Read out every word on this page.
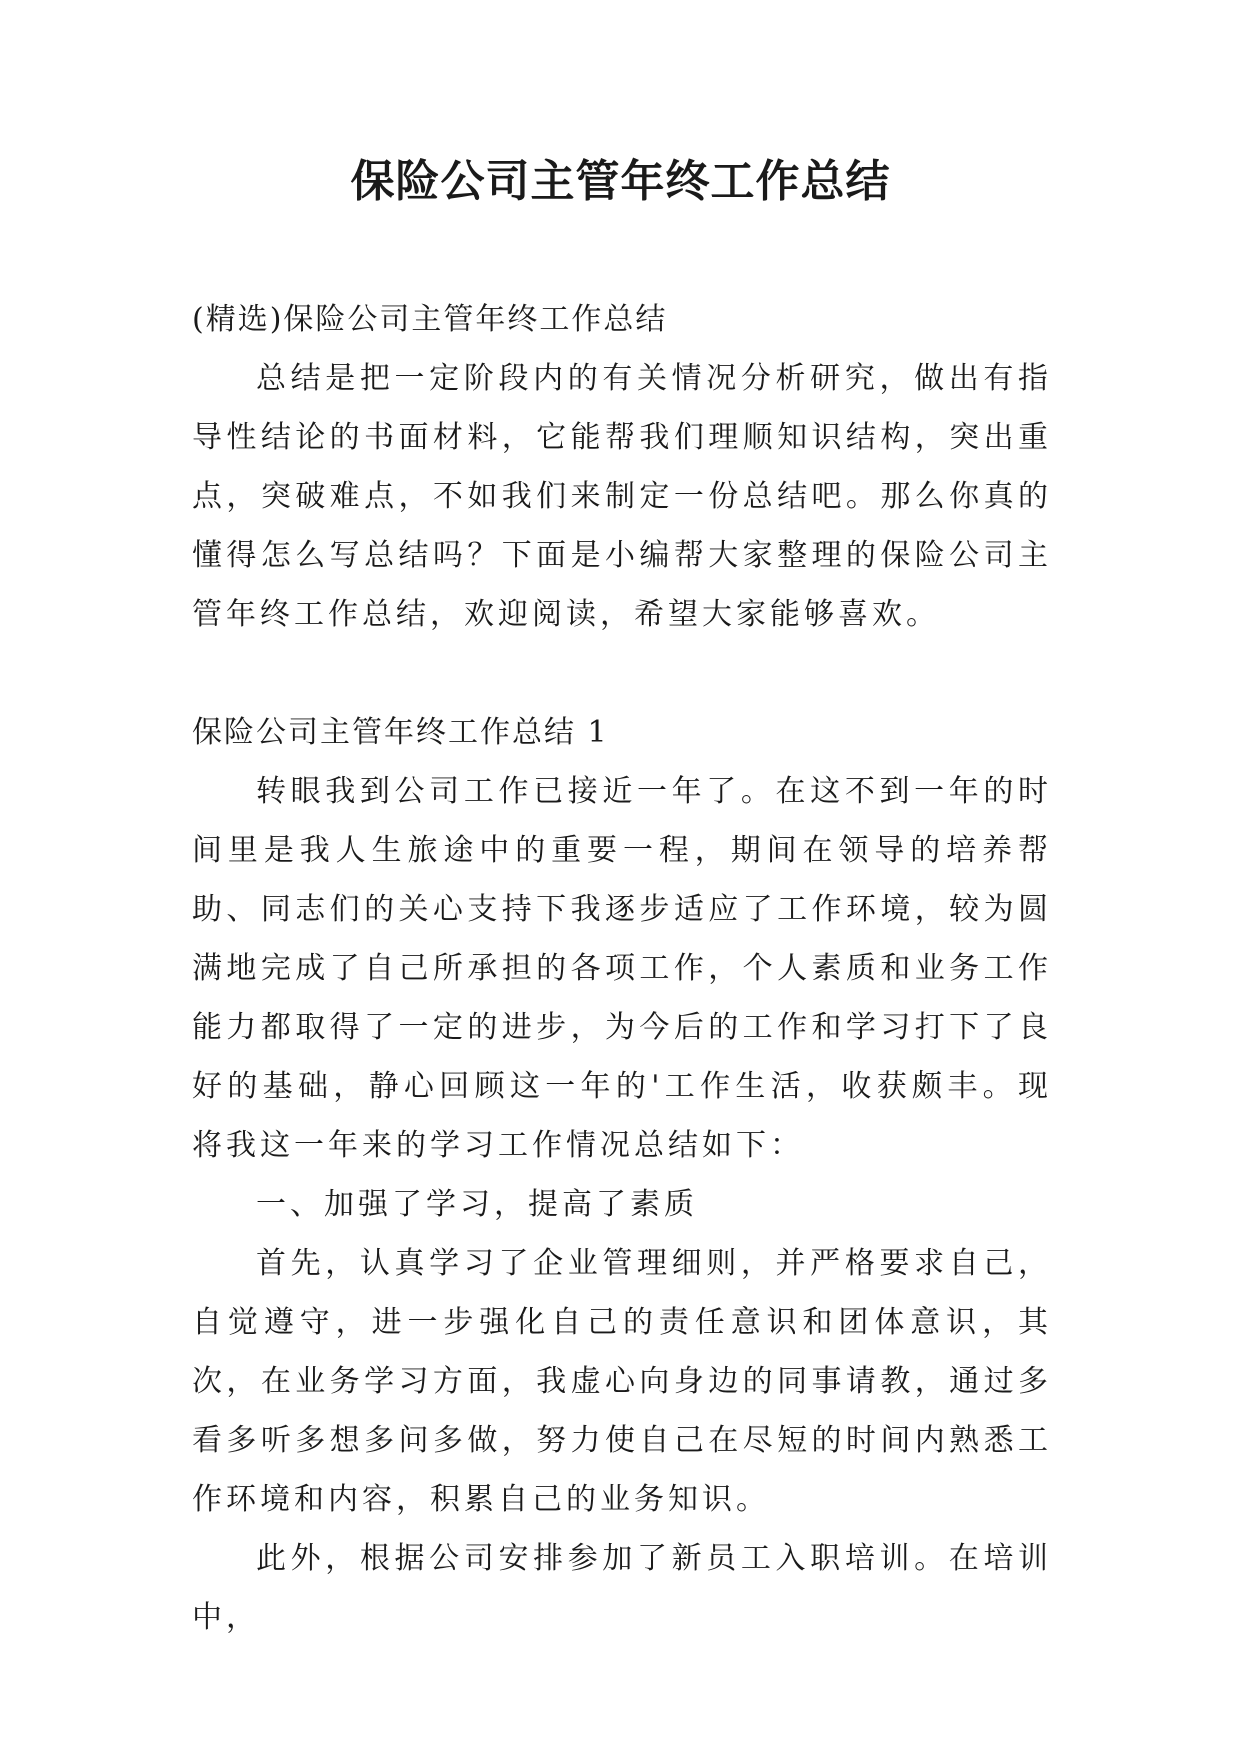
保险公司主管年终工作总结

(精选)保险公司主管年终工作总结

总结是把一定阶段内的有关情况分析研究，做出有指导性结论的书面材料，它能帮我们理顺知识结构，突出重点，突破难点，不如我们来制定一份总结吧。那么你真的懂得怎么写总结吗？下面是小编帮大家整理的保险公司主管年终工作总结，欢迎阅读，希望大家能够喜欢。

保险公司主管年终工作总结 1

转眼我到公司工作已接近一年了。在这不到一年的时间里是我人生旅途中的重要一程，期间在领导的培养帮助、同志们的关心支持下我逐步适应了工作环境，较为圆满地完成了自己所承担的各项工作，个人素质和业务工作能力都取得了一定的进步，为今后的工作和学习打下了良好的基础，静心回顾这一年的'工作生活，收获颇丰。现将我这一年来的学习工作情况总结如下：

一、加强了学习，提高了素质

首先，认真学习了企业管理细则，并严格要求自己，自觉遵守，进一步强化自己的责任意识和团体意识，其次，在业务学习方面，我虚心向身边的同事请教，通过多看多听多想多问多做，努力使自己在尽短的时间内熟悉工作环境和内容，积累自己的业务知识。

此外，根据公司安排参加了新员工入职培训。在培训中，
